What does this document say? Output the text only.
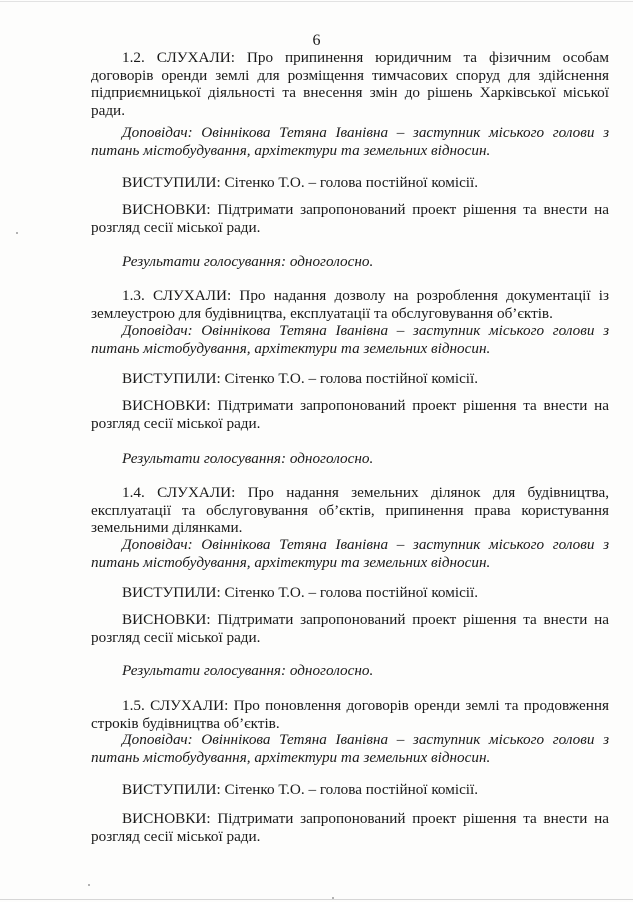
6

1.2. СЛУХАЛИ: Про припинення юридичним та фізичним особам договорів оренди землі для розміщення тимчасових споруд для здійснення підприємницької діяльності та внесення змін до рішень Харківської міської ради.

Доповідач: Овіннікова Тетяна Іванівна – заступник міського голови з питань містобудування, архітектури та земельних відносин.

ВИСТУПИЛИ: Сітенко Т.О. – голова постійної комісії.

ВИСНОВКИ: Підтримати запропонований проект рішення та внести на розгляд сесії міської ради.

Результати голосування: одноголосно.

1.3. СЛУХАЛИ: Про надання дозволу на розроблення документації із землеустрою для будівництва, експлуатації та обслуговування об’єктів.

Доповідач: Овіннікова Тетяна Іванівна – заступник міського голови з питань містобудування, архітектури та земельних відносин.

ВИСТУПИЛИ: Сітенко Т.О. – голова постійної комісії.

ВИСНОВКИ: Підтримати запропонований проект рішення та внести на розгляд сесії міської ради.

Результати голосування: одноголосно.

1.4. СЛУХАЛИ: Про надання земельних ділянок для будівництва, експлуатації та обслуговування об’єктів, припинення права користування земельними ділянками.

Доповідач: Овіннікова Тетяна Іванівна – заступник міського голови з питань містобудування, архітектури та земельних відносин.

ВИСТУПИЛИ: Сітенко Т.О. – голова постійної комісії.

ВИСНОВКИ: Підтримати запропонований проект рішення та внести на розгляд сесії міської ради.

Результати голосування: одноголосно.

1.5. СЛУХАЛИ: Про поновлення договорів оренди землі та продовження строків будівництва об’єктів.

Доповідач: Овіннікова Тетяна Іванівна – заступник міського голови з питань містобудування, архітектури та земельних відносин.

ВИСТУПИЛИ: Сітенко Т.О. – голова постійної комісії.

ВИСНОВКИ: Підтримати запропонований проект рішення та внести на розгляд сесії міської ради.
